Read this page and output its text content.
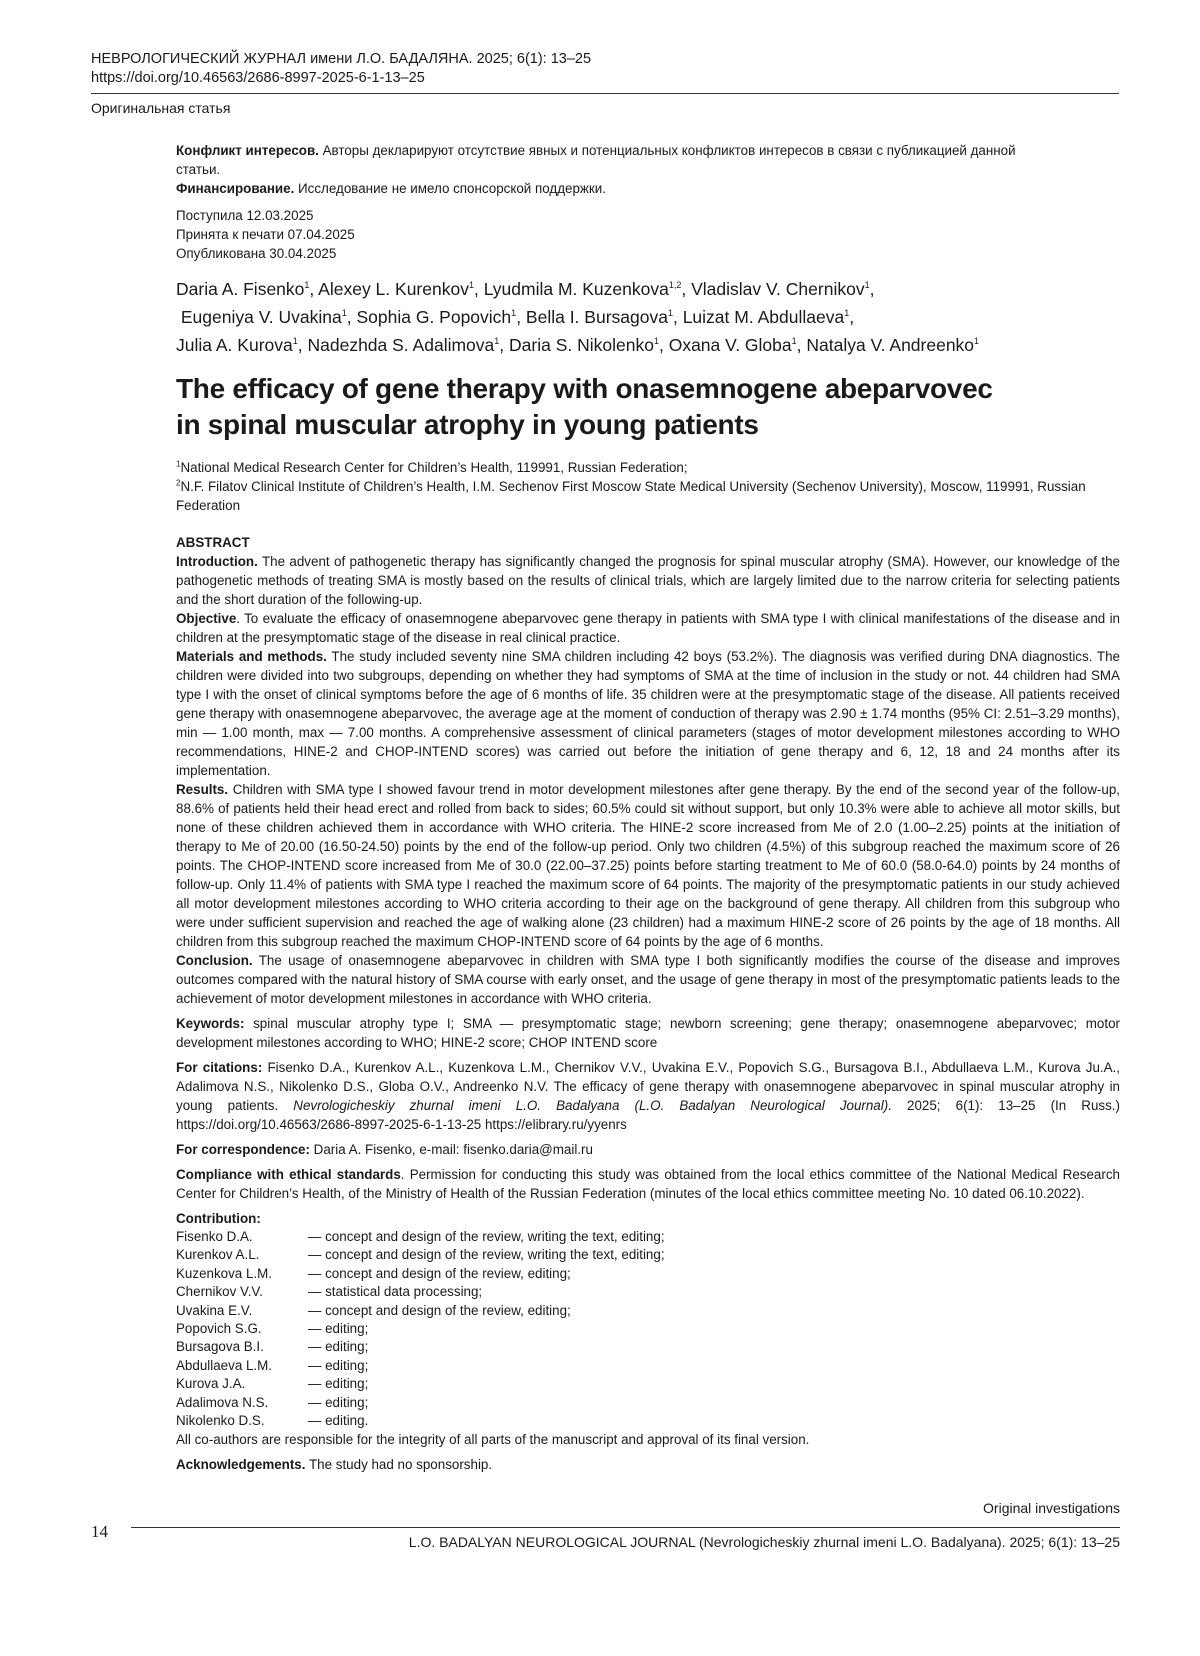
НЕВРОЛОГИЧЕСКИЙ ЖУРНАЛ имени Л.О. БАДАЛЯНА. 2025; 6(1): 13–25
https://doi.org/10.46563/2686-8997-2025-6-1-13–25
Оригинальная статья

Конфликт интересов. Авторы декларируют отсутствие явных и потенциальных конфликтов интересов в связи с публикацией данной статьи.

Финансирование. Исследование не имело спонсорской поддержки.

Поступила 12.03.2025

Принята к печати 07.04.2025

Опубликована 30.04.2025

Daria A. Fisenko$^1$, Alexey L. Kurenkov$^1$, Lyudmila M. Kuzenkova$^{1,2}$, Vladislav V. Chernikov$^1$,
Eugeniya V. Uvakina$^1$, Sophia G. Popovich$^1$, Bella I. Bursagova$^1$, Luizat M. Abdullaeva$^1$,
Julia A. Kurova$^1$, Nadezhda S. Adalimova$^1$, Daria S. Nikolenko$^1$, Oxana V. Globa$^1$, Natalya V. Andreenko$^1$
The efficacy of gene therapy with onasemnogene abeparvovec
in spinal muscular atrophy in young patients

$^1$National Medical Research Center for Children’s Health, 119991, Russian Federation;

$^2$N.F. Filatov Clinical Institute of Children’s Health, I.M. Sechenov First Moscow State Medical University (Sechenov University), Moscow, 119991, Russian Federation

ABSTRACT

Introduction. The advent of pathogenetic therapy has significantly changed the prognosis for spinal muscular atrophy (SMA). However, our knowledge of the pathogenetic methods of treating SMA is mostly based on the results of clinical trials, which are largely limited due to the narrow criteria for selecting patients and the short duration of the following-up.

Objective. To evaluate the efficacy of onasemnogene abeparvovec gene therapy in patients with SMA type I with clinical manifestations of the disease and in children at the presymptomatic stage of the disease in real clinical practice.

Materials and methods. The study included seventy nine SMA children including 42 boys (53.2%). The diagnosis was verified during DNA diagnostics. The children were divided into two subgroups, depending on whether they had symptoms of SMA at the time of inclusion in the study or not. 44 children had SMA type I with the onset of clinical symptoms before the age of 6 months of life. 35 children were at the presymptomatic stage of the disease. All patients received gene therapy with onasemnogene abeparvovec, the average age at the moment of conduction of therapy was 2.90 ± 1.74 months (95% CI: 2.51–3.29 months), min — 1.00 month, max — 7.00 months. A comprehensive assessment of clinical parameters (stages of motor development milestones according to WHO recommendations, HINE-2 and CHOP-INTEND scores) was carried out before the initiation of gene therapy and 6, 12, 18 and 24 months after its implementation.

Results. Children with SMA type I showed favour trend in motor development milestones after gene therapy. By the end of the second year of the follow-up, 88.6% of patients held their head erect and rolled from back to sides; 60.5% could sit without support, but only 10.3% were able to achieve all motor skills, but none of these children achieved them in accordance with WHO criteria. The HINE-2 score increased from Me of 2.0 (1.00–2.25) points at the initiation of therapy to Me of 20.00 (16.50-24.50) points by the end of the follow-up period. Only two children (4.5%) of this subgroup reached the maximum score of 26 points. The CHOP-INTEND score increased from Me of 30.0 (22.00–37.25) points before starting treatment to Me of 60.0 (58.0-64.0) points by 24 months of follow-up. Only 11.4% of patients with SMA type I reached the maximum score of 64 points. The majority of the presymptomatic patients in our study achieved all motor development milestones according to WHO criteria according to their age on the background of gene therapy. All children from this subgroup who were under sufficient supervision and reached the age of walking alone (23 children) had a maximum HINE-2 score of 26 points by the age of 18 months. All children from this subgroup reached the maximum CHOP-INTEND score of 64 points by the age of 6 months.

Conclusion. The usage of onasemnogene abeparvovec in children with SMA type I both significantly modifies the course of the disease and improves outcomes compared with the natural history of SMA course with early onset, and the usage of gene therapy in most of the presymptomatic patients leads to the achievement of motor development milestones in accordance with WHO criteria.

Keywords: spinal muscular atrophy type I; SMA — presymptomatic stage; newborn screening; gene therapy; onasemnogene abeparvovec; motor development milestones according to WHO; HINE-2 score; CHOP INTEND score

For citations: Fisenko D.A., Kurenkov A.L., Kuzenkova L.M., Chernikov V.V., Uvakina E.V., Popovich S.G., Bursagova B.I., Abdullaeva L.M., Kurova Ju.A., Adalimova N.S., Nikolenko D.S., Globa O.V., Andreenko N.V. The efficacy of gene therapy with onasemnogene abeparvovec in spinal muscular atrophy in young patients. Nevrologicheskiy zhurnal imeni L.O. Badalyana (L.O. Badalyan Neurological Journal). 2025; 6(1): 13–25 (In Russ.) https://doi.org/10.46563/2686-8997-2025-6-1-13-25 https://elibrary.ru/yyenrs

For correspondence: Daria A. Fisenko, e-mail: fisenko.daria@mail.ru

Compliance with ethical standards. Permission for conducting this study was obtained from the local ethics committee of the National Medical Research Center for Children’s Health, of the Ministry of Health of the Russian Federation (minutes of the local ethics committee meeting No. 10 dated 06.10.2022).

Contribution:

Fisenko D.A.	— concept and design of the review, writing the text, editing;
Kurenkov A.L.	— concept and design of the review, writing the text, editing;
Kuzenkova L.M.	— concept and design of the review, editing;
Chernikov V.V.	— statistical data processing;
Uvakina E.V.	— concept and design of the review, editing;
Popovich S.G.	— editing;
Bursagova B.I.	— editing;
Abdullaeva L.M.	— editing;
Kurova J.A.	— editing;
Adalimova N.S.	— editing;
Nikolenko D.S.	— editing.

All co-authors are responsible for the integrity of all parts of the manuscript and approval of its final version.

Acknowledgements. The study had no sponsorship.

14
Original investigations
L.O. BADALYAN NEUROLOGICAL JOURNAL (Nevrologicheskiy zhurnal imeni L.O. Badalyana). 2025; 6(1): 13–25
